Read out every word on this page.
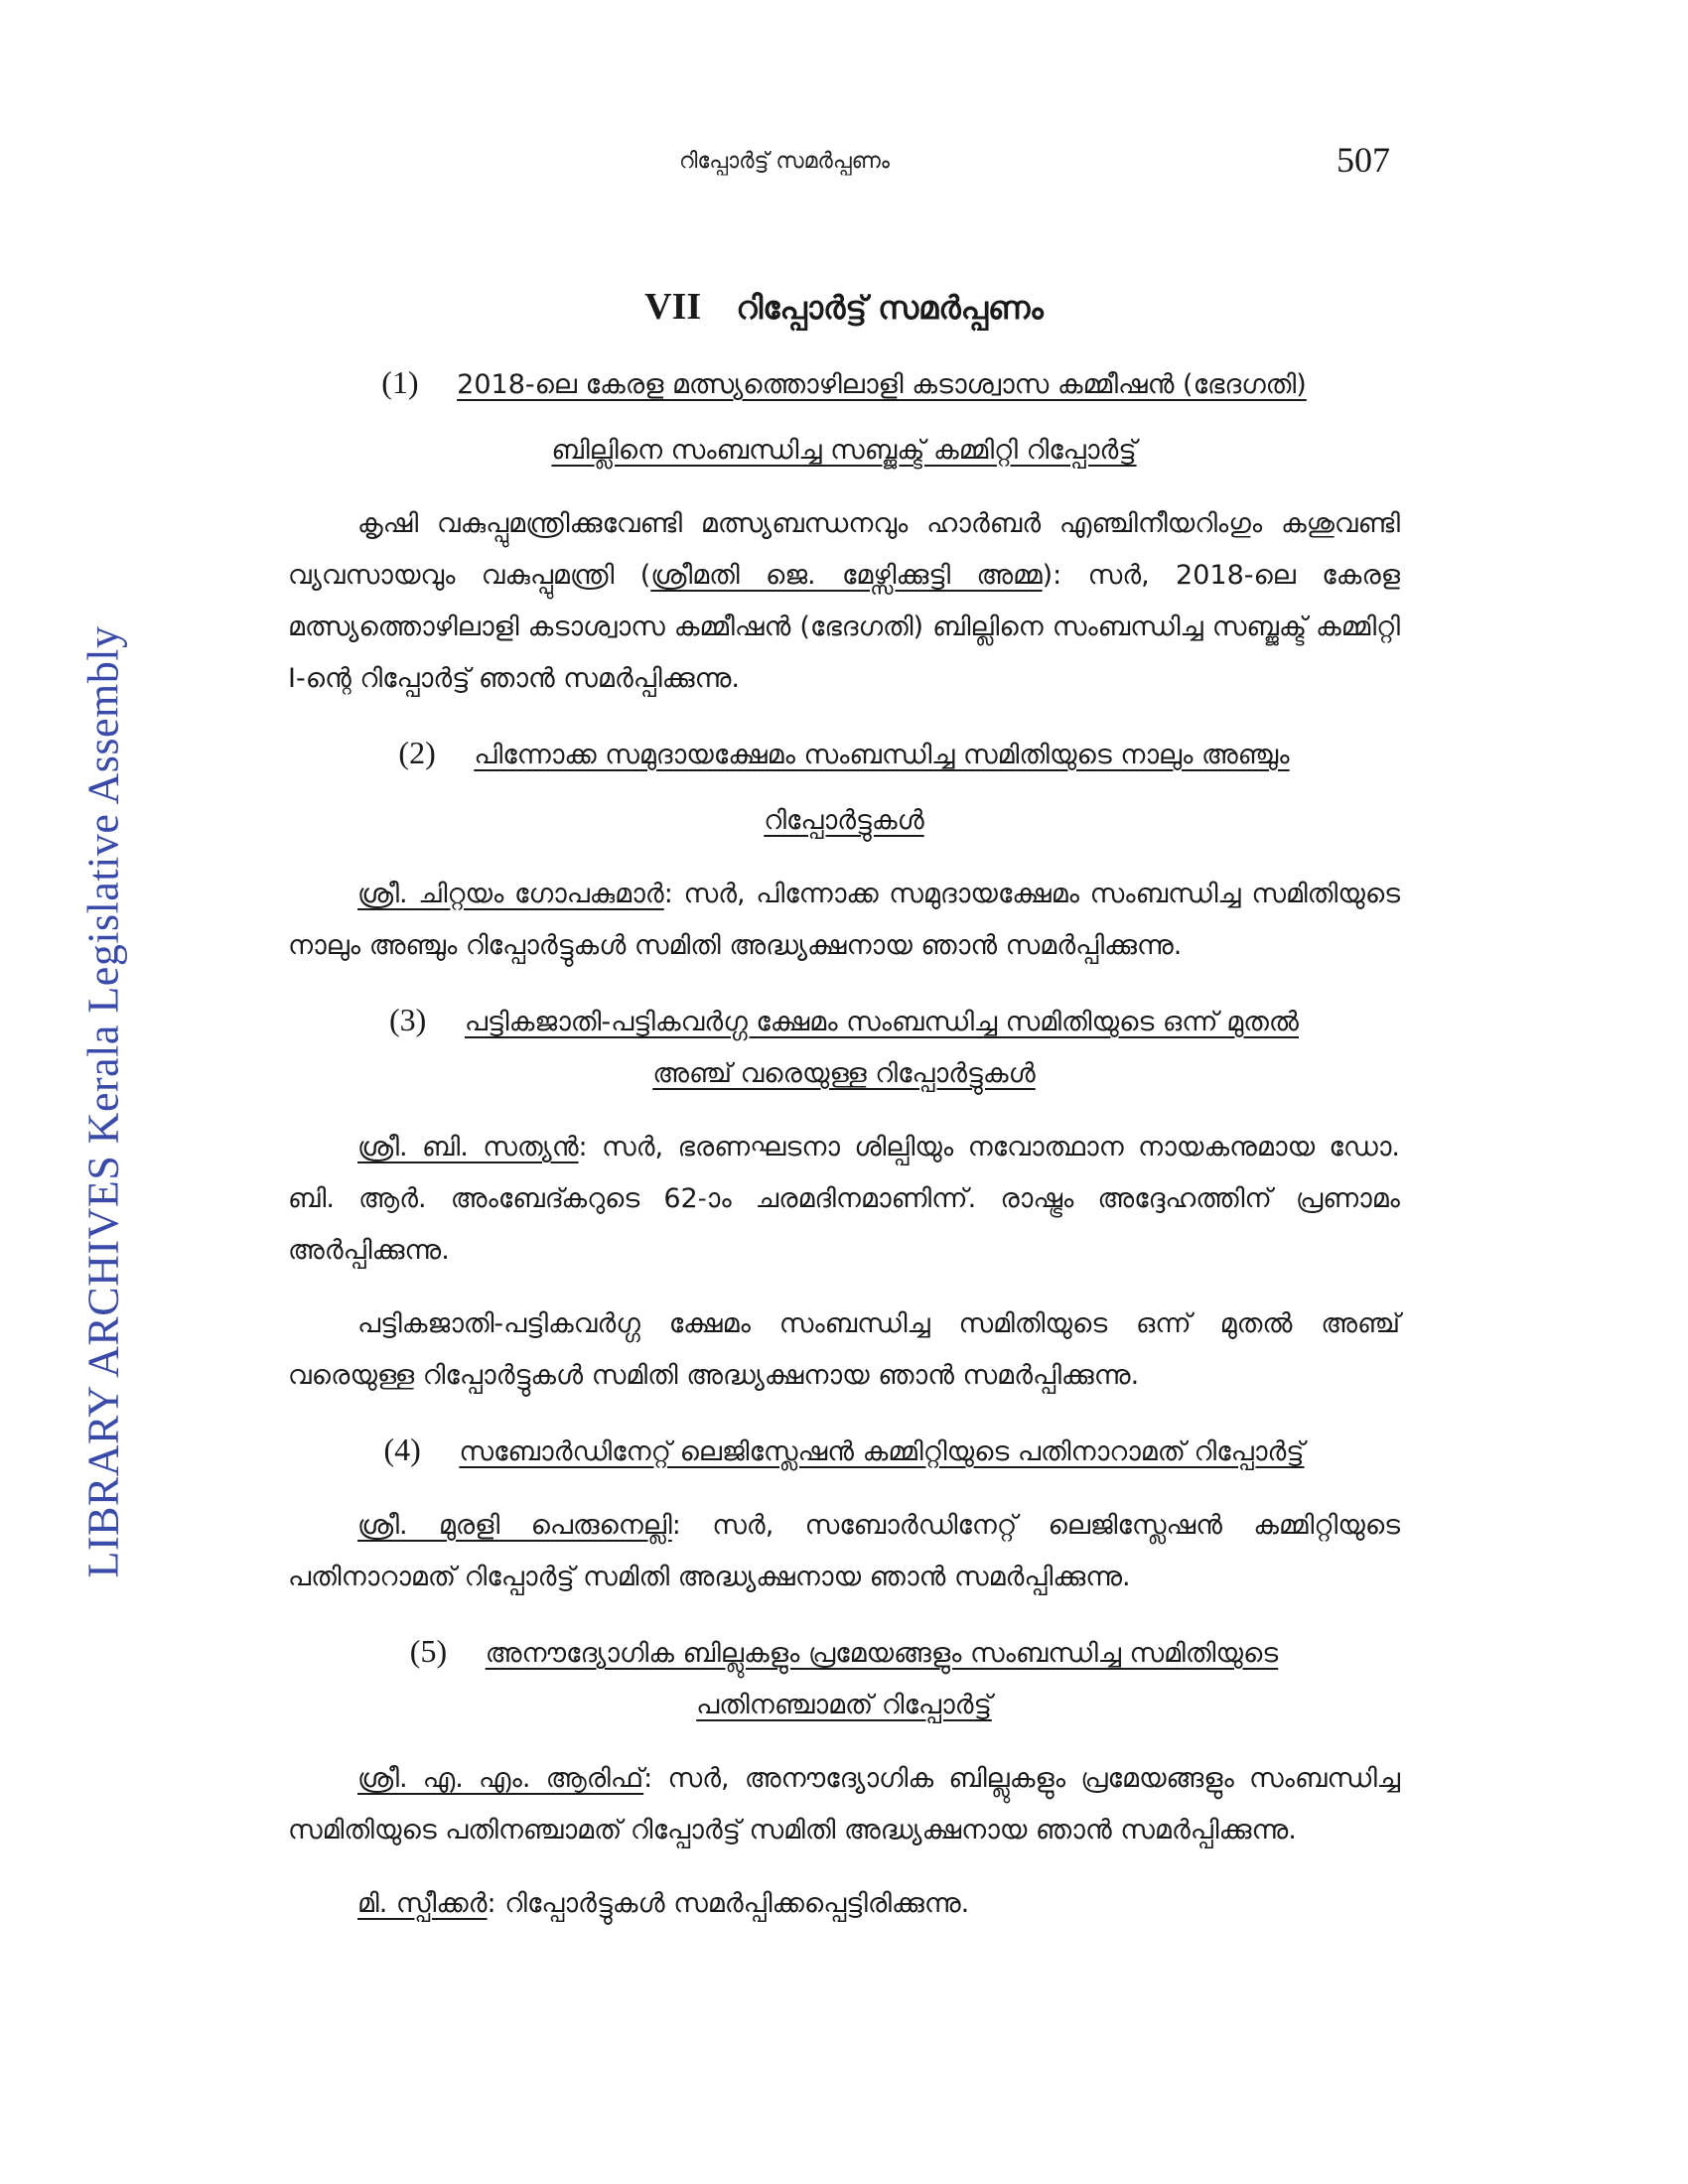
റിപ്പോർട്ട് സമർപ്പണം	507
LIBRARY ARCHIVES Kerala Legislative Assembly
VII റിപ്പോർട്ട് സമർപ്പണം
(1) 2018-ലെ കേരള മത്സ്യത്തൊഴിലാളി കടാശ്വാസ കമ്മീഷൻ (ഭേദഗതി)
ബില്ലിനെ സംബന്ധിച്ച സബ്ജക്ട് കമ്മിറ്റി റിപ്പോർട്ട്

കൃഷി വകുപ്പുമന്ത്രിക്കുവേണ്ടി മത്സ്യബന്ധനവും ഹാർബർ എഞ്ചിനീയറിംഗും കശുവണ്ടി വ്യവസായവും വകുപ്പുമന്ത്രി (ശ്രീമതി ജെ. മേഴ്സിക്കുട്ടി അമ്മ): സർ, 2018-ലെ കേരള മത്സ്യത്തൊഴിലാളി കടാശ്വാസ കമ്മീഷൻ (ഭേദഗതി) ബില്ലിനെ സംബന്ധിച്ച സബ്ജക്ട് കമ്മിറ്റി I-ന്റെ റിപ്പോർട്ട് ഞാൻ സമർപ്പിക്കുന്നു.

(2) പിന്നോക്ക സമുദായക്ഷേമം സംബന്ധിച്ച സമിതിയുടെ നാലും അഞ്ചും
റിപ്പോർട്ടുകൾ

ശ്രീ. ചിറ്റയം ഗോപകുമാർ: സർ, പിന്നോക്ക സമുദായക്ഷേമം സംബന്ധിച്ച സമിതിയുടെ നാലും അഞ്ചും റിപ്പോർട്ടുകൾ സമിതി അദ്ധ്യക്ഷനായ ഞാൻ സമർപ്പിക്കുന്നു.

(3) പട്ടികജാതി-പട്ടികവർഗ്ഗ ക്ഷേമം സംബന്ധിച്ച സമിതിയുടെ ഒന്ന് മുതൽ
അഞ്ച് വരെയുള്ള റിപ്പോർട്ടുകൾ

ശ്രീ. ബി. സത്യൻ: സർ, ഭരണഘടനാ ശില്പിയും നവോത്ഥാന നായകനുമായ ഡോ. ബി. ആർ. അംബേദ്കറുടെ 62-ാം ചരമദിനമാണിന്ന്. രാഷ്ട്രം അദ്ദേഹത്തിന് പ്രണാമം അർപ്പിക്കുന്നു.

പട്ടികജാതി-പട്ടികവർഗ്ഗ ക്ഷേമം സംബന്ധിച്ച സമിതിയുടെ ഒന്ന് മുതൽ അഞ്ച് വരെയുള്ള റിപ്പോർട്ടുകൾ സമിതി അദ്ധ്യക്ഷനായ ഞാൻ സമർപ്പിക്കുന്നു.

(4) സബോർഡിനേറ്റ് ലെജിസ്ലേഷൻ കമ്മിറ്റിയുടെ പതിനാറാമത് റിപ്പോർട്ട്

ശ്രീ. മുരളി പെരുനെല്ലി: സർ, സബോർഡിനേറ്റ് ലെജിസ്ലേഷൻ കമ്മിറ്റിയുടെ പതിനാറാമത് റിപ്പോർട്ട് സമിതി അദ്ധ്യക്ഷനായ ഞാൻ സമർപ്പിക്കുന്നു.

(5) അനൗദ്യോഗിക ബില്ലുകളും പ്രമേയങ്ങളും സംബന്ധിച്ച സമിതിയുടെ
പതിനഞ്ചാമത് റിപ്പോർട്ട്

ശ്രീ. എ. എം. ആരിഫ്: സർ, അനൗദ്യോഗിക ബില്ലുകളും പ്രമേയങ്ങളും സംബന്ധിച്ച സമിതിയുടെ പതിനഞ്ചാമത് റിപ്പോർട്ട് സമിതി അദ്ധ്യക്ഷനായ ഞാൻ സമർപ്പിക്കുന്നു.

മി. സ്പീക്കർ: റിപ്പോർട്ടുകൾ സമർപ്പിക്കപ്പെട്ടിരിക്കുന്നു.
